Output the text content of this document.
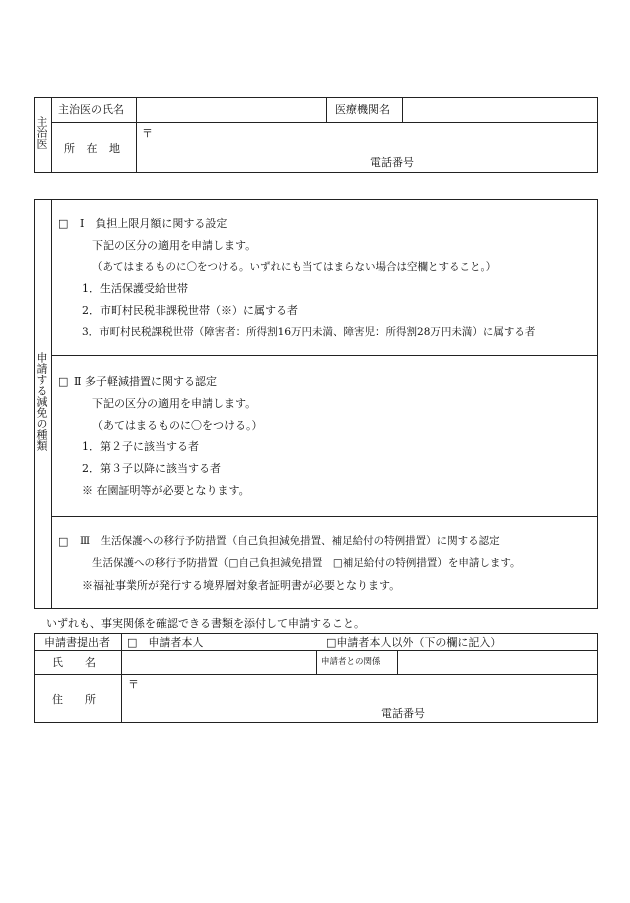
主治医
主治医の氏名	医療機関名
所 在 地
〒
電話番号
申請する減免の種類
□ Ⅰ　負担上限月額に関する設定
下記の区分の適用を申請します。
（あてはまるものに〇をつける。いずれにも当てはまらない場合は空欄とすること。）
1．生活保護受給世帯
2．市町村民税非課税世帯（※）に属する者
3．市町村民税課税世帯（障害者：所得割16万円未満、障害児：所得割28万円未満）に属する者
□ Ⅱ 多子軽減措置に関する認定
下記の区分の適用を申請します。
（あてはまるものに〇をつける。）
1．第２子に該当する者
2．第３子以降に該当する者
※ 在園証明等が必要となります。
□ Ⅲ　生活保護への移行予防措置（自己負担減免措置、補足給付の特例措置）に関する認定
生活保護への移行予防措置（□自己負担減免措置　□補足給付の特例措置）を申請します。
※福祉事業所が発行する境界層対象者証明書が必要となります。
いずれも、事実関係を確認できる書類を添付して申請すること。
申請書提出者 □　申請者本人	□申請者本人以外（下の欄に記入）
氏　　名	申請者との関係
住　　所
〒
電話番号
